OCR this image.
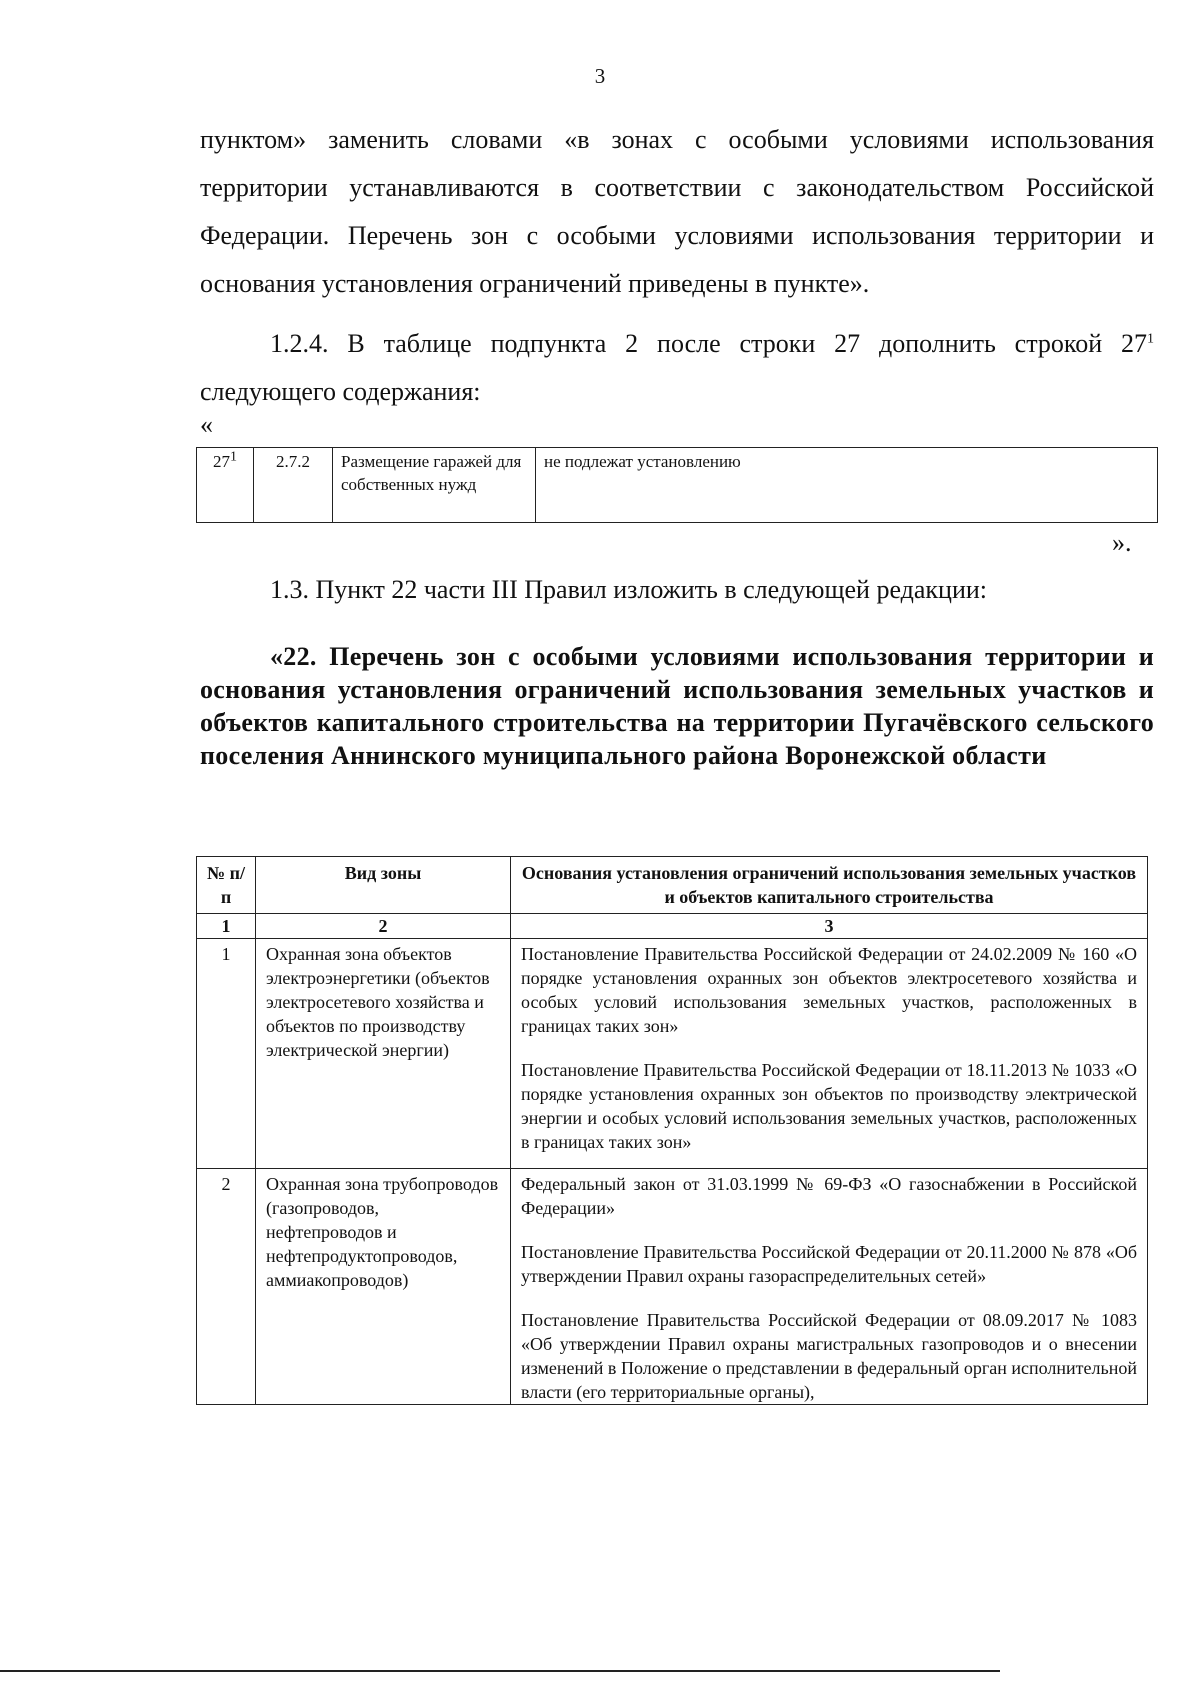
3

пунктом» заменить словами «в зонах с особыми условиями использования территории устанавливаются в соответствии с законодательством Российской Федерации. Перечень зон с особыми условиями использования территории и основания установления ограничений приведены в пункте».

1.2.4. В таблице подпункта 2 после строки 27 дополнить строкой $27^1$ следующего содержания:

«
$27^1$	2.7.2	Размещение гаражей для собственных нужд	не подлежат установлению
».

1.3. Пункт 22 части III Правил изложить в следующей редакции:

«22. Перечень зон с особыми условиями использования территории и основания установления ограничений использования земельных участков и объектов капитального строительства на территории Пугачёвского сельского поселения Аннинского муниципального района Воронежской области

№ п/п	Вид зоны	Основания установления ограничений использования земельных участков и объектов капитального строительства
1	2	3
1	Охранная зона объектов электроэнергетики (объектов электросетевого хозяйства и объектов по производству электрической энергии)	Постановление Правительства Российской Федерации от 24.02.2009 № 160 «О порядке установления охранных зон объектов электросетевого хозяйства и особых условий использования земельных участков, расположенных в границах таких зон»

Постановление Правительства Российской Федерации от 18.11.2013 № 1033 «О порядке установления охранных зон объектов по производству электрической энергии и особых условий использования земельных участков, расположенных в границах таких зон»

2	Охранная зона трубопроводов (газопроводов, нефтепроводов и нефтепродуктопроводов, аммиакопроводов)	Федеральный закон от 31.03.1999 № 69-ФЗ «О газоснабжении в Российской Федерации»

Постановление Правительства Российской Федерации от 20.11.2000 № 878 «Об утверждении Правил охраны газораспределительных сетей»

Постановление Правительства Российской Федерации от 08.09.2017 № 1083 «Об утверждении Правил охраны магистральных газопроводов и о внесении изменений в Положение о представлении в федеральный орган исполнительной власти (его территориальные органы),
